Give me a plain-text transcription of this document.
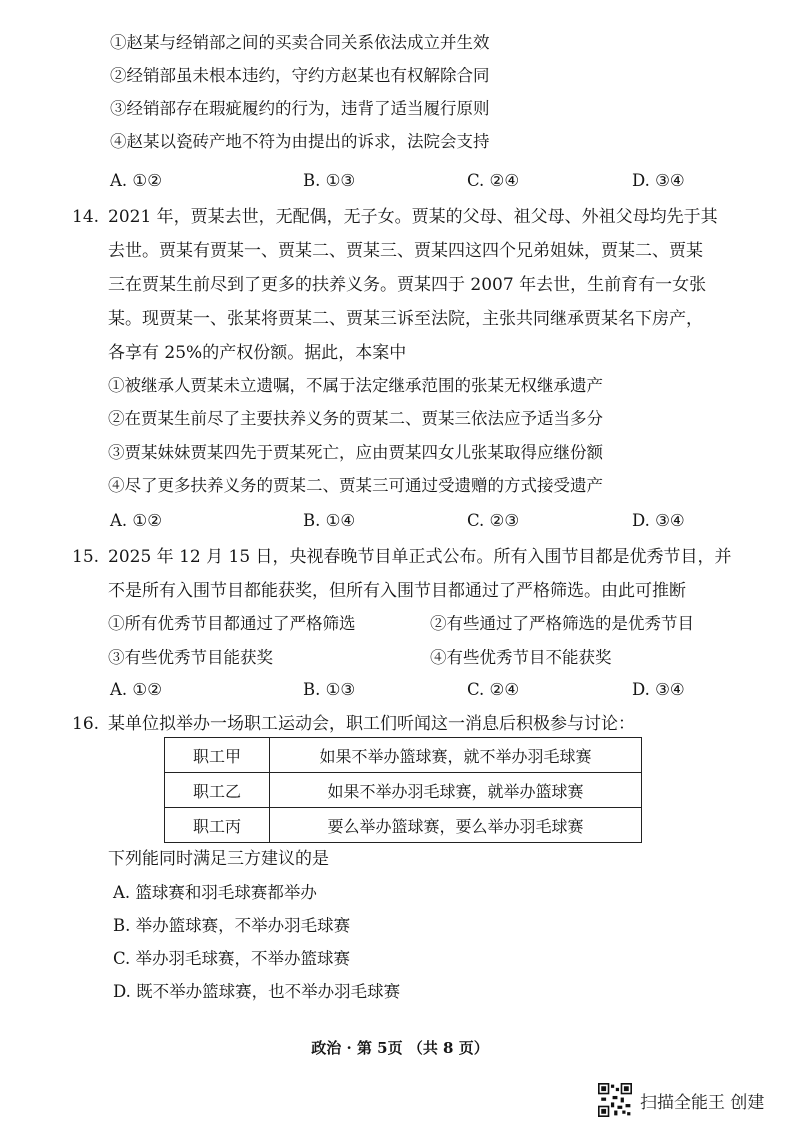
①赵某与经销部之间的买卖合同关系依法成立并生效
②经销部虽未根本违约，守约方赵某也有权解除合同
③经销部存在瑕疵履约的行为，违背了适当履行原则
④赵某以瓷砖产地不符为由提出的诉求，法院会支持
A. ①②	B. ①③	C. ②④	D. ③④
14. 2021 年，贾某去世，无配偶，无子女。贾某的父母、祖父母、外祖父母均先于其
去世。贾某有贾某一、贾某二、贾某三、贾某四这四个兄弟姐妹，贾某二、贾某
三在贾某生前尽到了更多的扶养义务。贾某四于 2007 年去世，生前育有一女张
某。现贾某一、张某将贾某二、贾某三诉至法院，主张共同继承贾某名下房产，
各享有 25%的产权份额。据此，本案中
①被继承人贾某未立遗嘱，不属于法定继承范围的张某无权继承遗产
②在贾某生前尽了主要扶养义务的贾某二、贾某三依法应予适当多分
③贾某妹妹贾某四先于贾某死亡，应由贾某四女儿张某取得应继份额
④尽了更多扶养义务的贾某二、贾某三可通过受遗赠的方式接受遗产
A. ①②	B. ①④	C. ②③	D. ③④
15. 2025 年 12 月 15 日，央视春晚节目单正式公布。所有入围节目都是优秀节目，并
不是所有入围节目都能获奖，但所有入围节目都通过了严格筛选。由此可推断
①所有优秀节目都通过了严格筛选	②有些通过了严格筛选的是优秀节目
③有些优秀节目能获奖	④有些优秀节目不能获奖
A. ①②	B. ①③	C. ②④	D. ③④
16. 某单位拟举办一场职工运动会，职工们听闻这一消息后积极参与讨论：
职工甲	如果不举办篮球赛，就不举办羽毛球赛
职工乙	如果不举办羽毛球赛，就举办篮球赛
职工丙	要么举办篮球赛，要么举办羽毛球赛
下列能同时满足三方建议的是
A. 篮球赛和羽毛球赛都举办
B. 举办篮球赛，不举办羽毛球赛
C. 举办羽毛球赛，不举办篮球赛
D. 既不举办篮球赛，也不举办羽毛球赛
政治 · 第 5页 （共 8 页）
扫描全能王 创建
